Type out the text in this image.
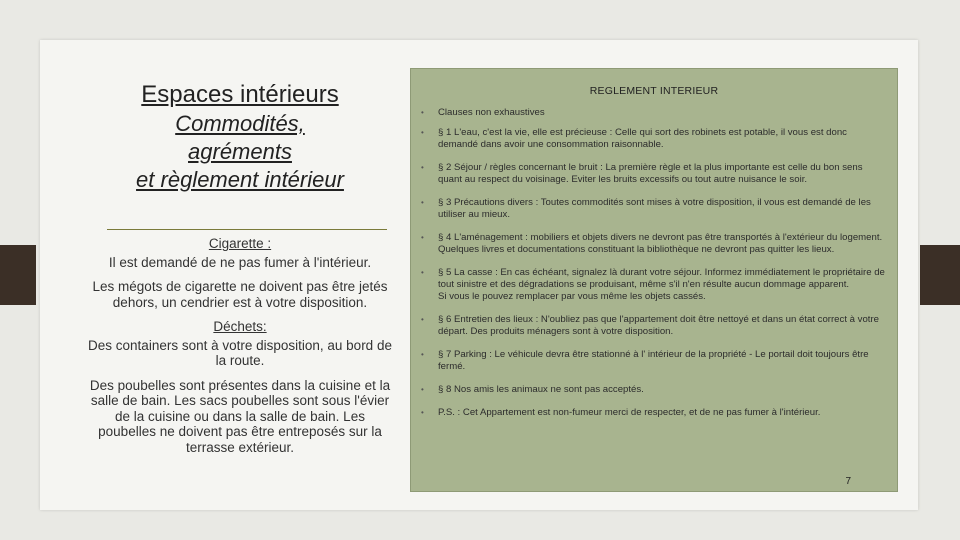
Espaces intérieurs

Commodités,

agréments

et règlement intérieur

Cigarette :

Il est demandé de ne pas fumer à l'intérieur.

Les mégots de cigarette ne doivent pas être jetés dehors, un cendrier est à votre disposition.

Déchets:

Des containers sont à votre disposition, au bord de la route.

Des poubelles sont présentes dans la cuisine et la salle de bain. Les sacs poubelles sont sous l'évier de la cuisine ou dans la salle de bain. Les poubelles ne doivent pas être entreposés sur la terrasse extérieur.

REGLEMENT INTERIEUR
• Clauses non exhaustives
• § 1 L'eau, c'est la vie, elle est précieuse : Celle qui sort des robinets est potable, il vous est donc demandé dans avoir une consommation raisonnable.
• § 2 Séjour / règles concernant le bruit : La première règle et la plus importante est celle du bon sens quant au respect du voisinage. Eviter les bruits excessifs ou tout autre nuisance le soir.
• § 3 Précautions divers : Toutes commodités sont mises à votre disposition, il vous est demandé de les utiliser au mieux.
• § 4 L'aménagement : mobiliers et objets divers ne devront pas être transportés à l'extérieur du logement. Quelques livres et documentations constituant la bibliothèque ne devront pas quitter les lieux.
• § 5 La casse : En cas échéant, signalez là durant votre séjour. Informez immédiatement le propriétaire de tout sinistre et des dégradations se produisant, même s'il n'en résulte aucun dommage apparent.
Si vous le pouvez remplacer par vous même les objets cassés.
• § 6 Entretien des lieux : N'oubliez pas que l'appartement doit être nettoyé et dans un état correct à votre départ. Des produits ménagers sont à votre disposition.
• § 7 Parking : Le véhicule devra être stationné à l' intérieur de la propriété - Le portail doit toujours être fermé.
• § 8 Nos amis les animaux ne sont pas acceptés.
• P.S. : Cet Appartement est non-fumeur merci de respecter, et de ne pas fumer à l'intérieur.
7
